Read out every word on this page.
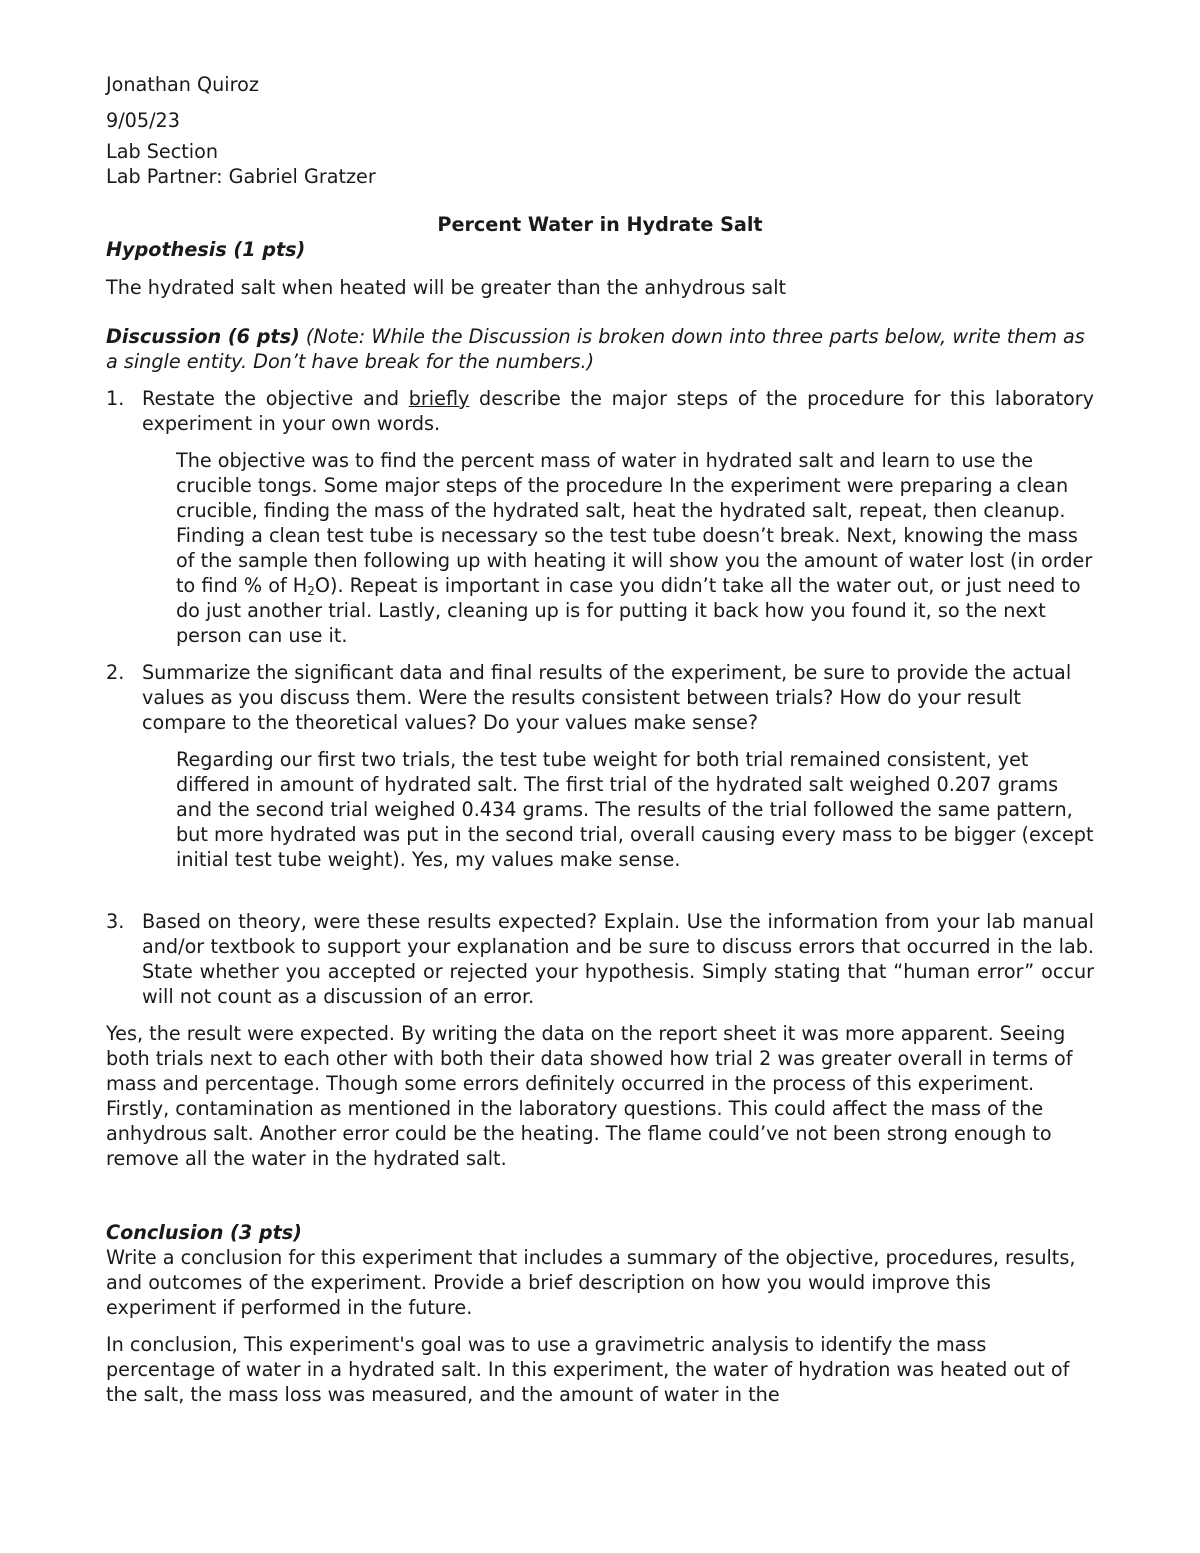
Jonathan Quiroz

9/05/23

Lab Section

Lab Partner: Gabriel Gratzer

Percent Water in Hydrate Salt

Hypothesis (1 pts)

The hydrated salt when heated will be greater than the anhydrous salt

Discussion (6 pts) (Note: While the Discussion is broken down into three parts below, write them as a single entity. Don’t have break for the numbers.)

1. Restate the objective and briefly describe the major steps of the procedure for this laboratory experiment in your own words.

The objective was to find the percent mass of water in hydrated salt and learn to use the crucible tongs. Some major steps of the procedure In the experiment were preparing a clean crucible, finding the mass of the hydrated salt, heat the hydrated salt, repeat, then cleanup. Finding a clean test tube is necessary so the test tube doesn’t break. Next, knowing the mass of the sample then following up with heating it will show you the amount of water lost (in order to find % of $H_2O$). Repeat is important in case you didn’t take all the water out, or just need to do just another trial. Lastly, cleaning up is for putting it back how you found it, so the next person can use it.

2. Summarize the significant data and final results of the experiment, be sure to provide the actual values as you discuss them. Were the results consistent between trials? How do your result compare to the theoretical values? Do your values make sense?

Regarding our first two trials, the test tube weight for both trial remained consistent, yet differed in amount of hydrated salt. The first trial of the hydrated salt weighed 0.207 grams and the second trial weighed 0.434 grams. The results of the trial followed the same pattern, but more hydrated was put in the second trial, overall causing every mass to be bigger (except initial test tube weight). Yes, my values make sense.

3. Based on theory, were these results expected? Explain. Use the information from your lab manual and/or textbook to support your explanation and be sure to discuss errors that occurred in the lab. State whether you accepted or rejected your hypothesis. Simply stating that “human error” occur will not count as a discussion of an error.

Yes, the result were expected. By writing the data on the report sheet it was more apparent. Seeing both trials next to each other with both their data showed how trial 2 was greater overall in terms of mass and percentage. Though some errors definitely occurred in the process of this experiment. Firstly, contamination as mentioned in the laboratory questions. This could affect the mass of the anhydrous salt. Another error could be the heating. The flame could’ve not been strong enough to remove all the water in the hydrated salt.

Conclusion (3 pts)

Write a conclusion for this experiment that includes a summary of the objective, procedures, results, and outcomes of the experiment. Provide a brief description on how you would improve this experiment if performed in the future.

In conclusion, This experiment's goal was to use a gravimetric analysis to identify the mass percentage of water in a hydrated salt. In this experiment, the water of hydration was heated out of the salt, the mass loss was measured, and the amount of water in the
